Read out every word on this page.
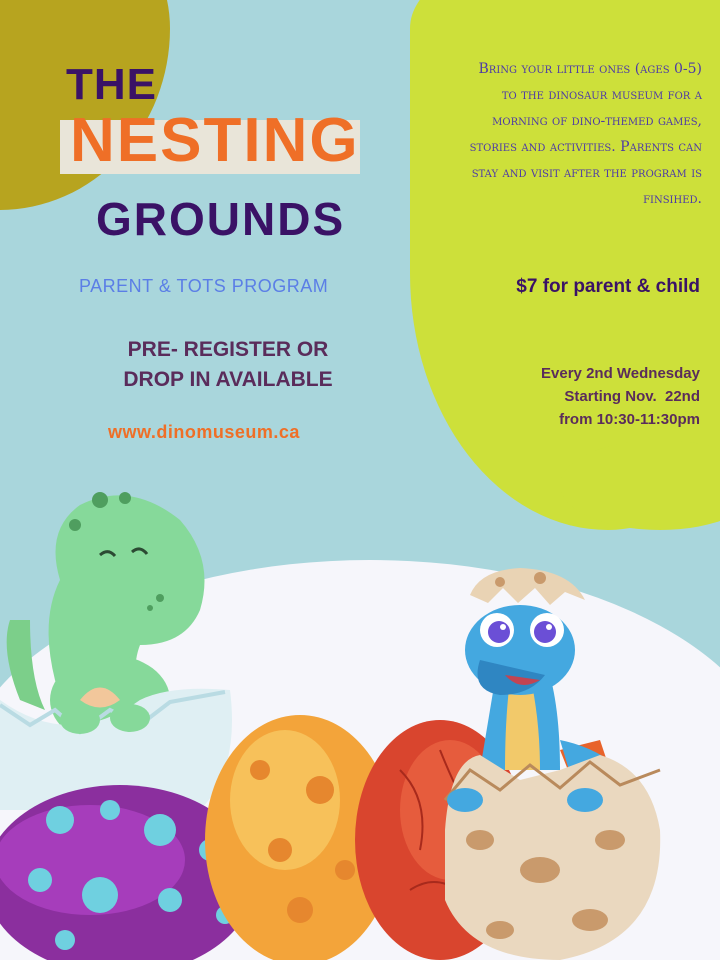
THE
NESTING
GROUNDS
PARENT & TOTS PROGRAM
PRE- REGISTER OR
DROP IN AVAILABLE
www.dinomuseum.ca
Bring your little ones (ages 0-5)
to the dinosaur museum for a
morning of dino-themed games,
stories and activities. Parents can
stay and visit after the program is
finsihed.
$7 for parent & child
Every 2nd Wednesday
Starting Nov.  22nd
from 10:30-11:30pm
